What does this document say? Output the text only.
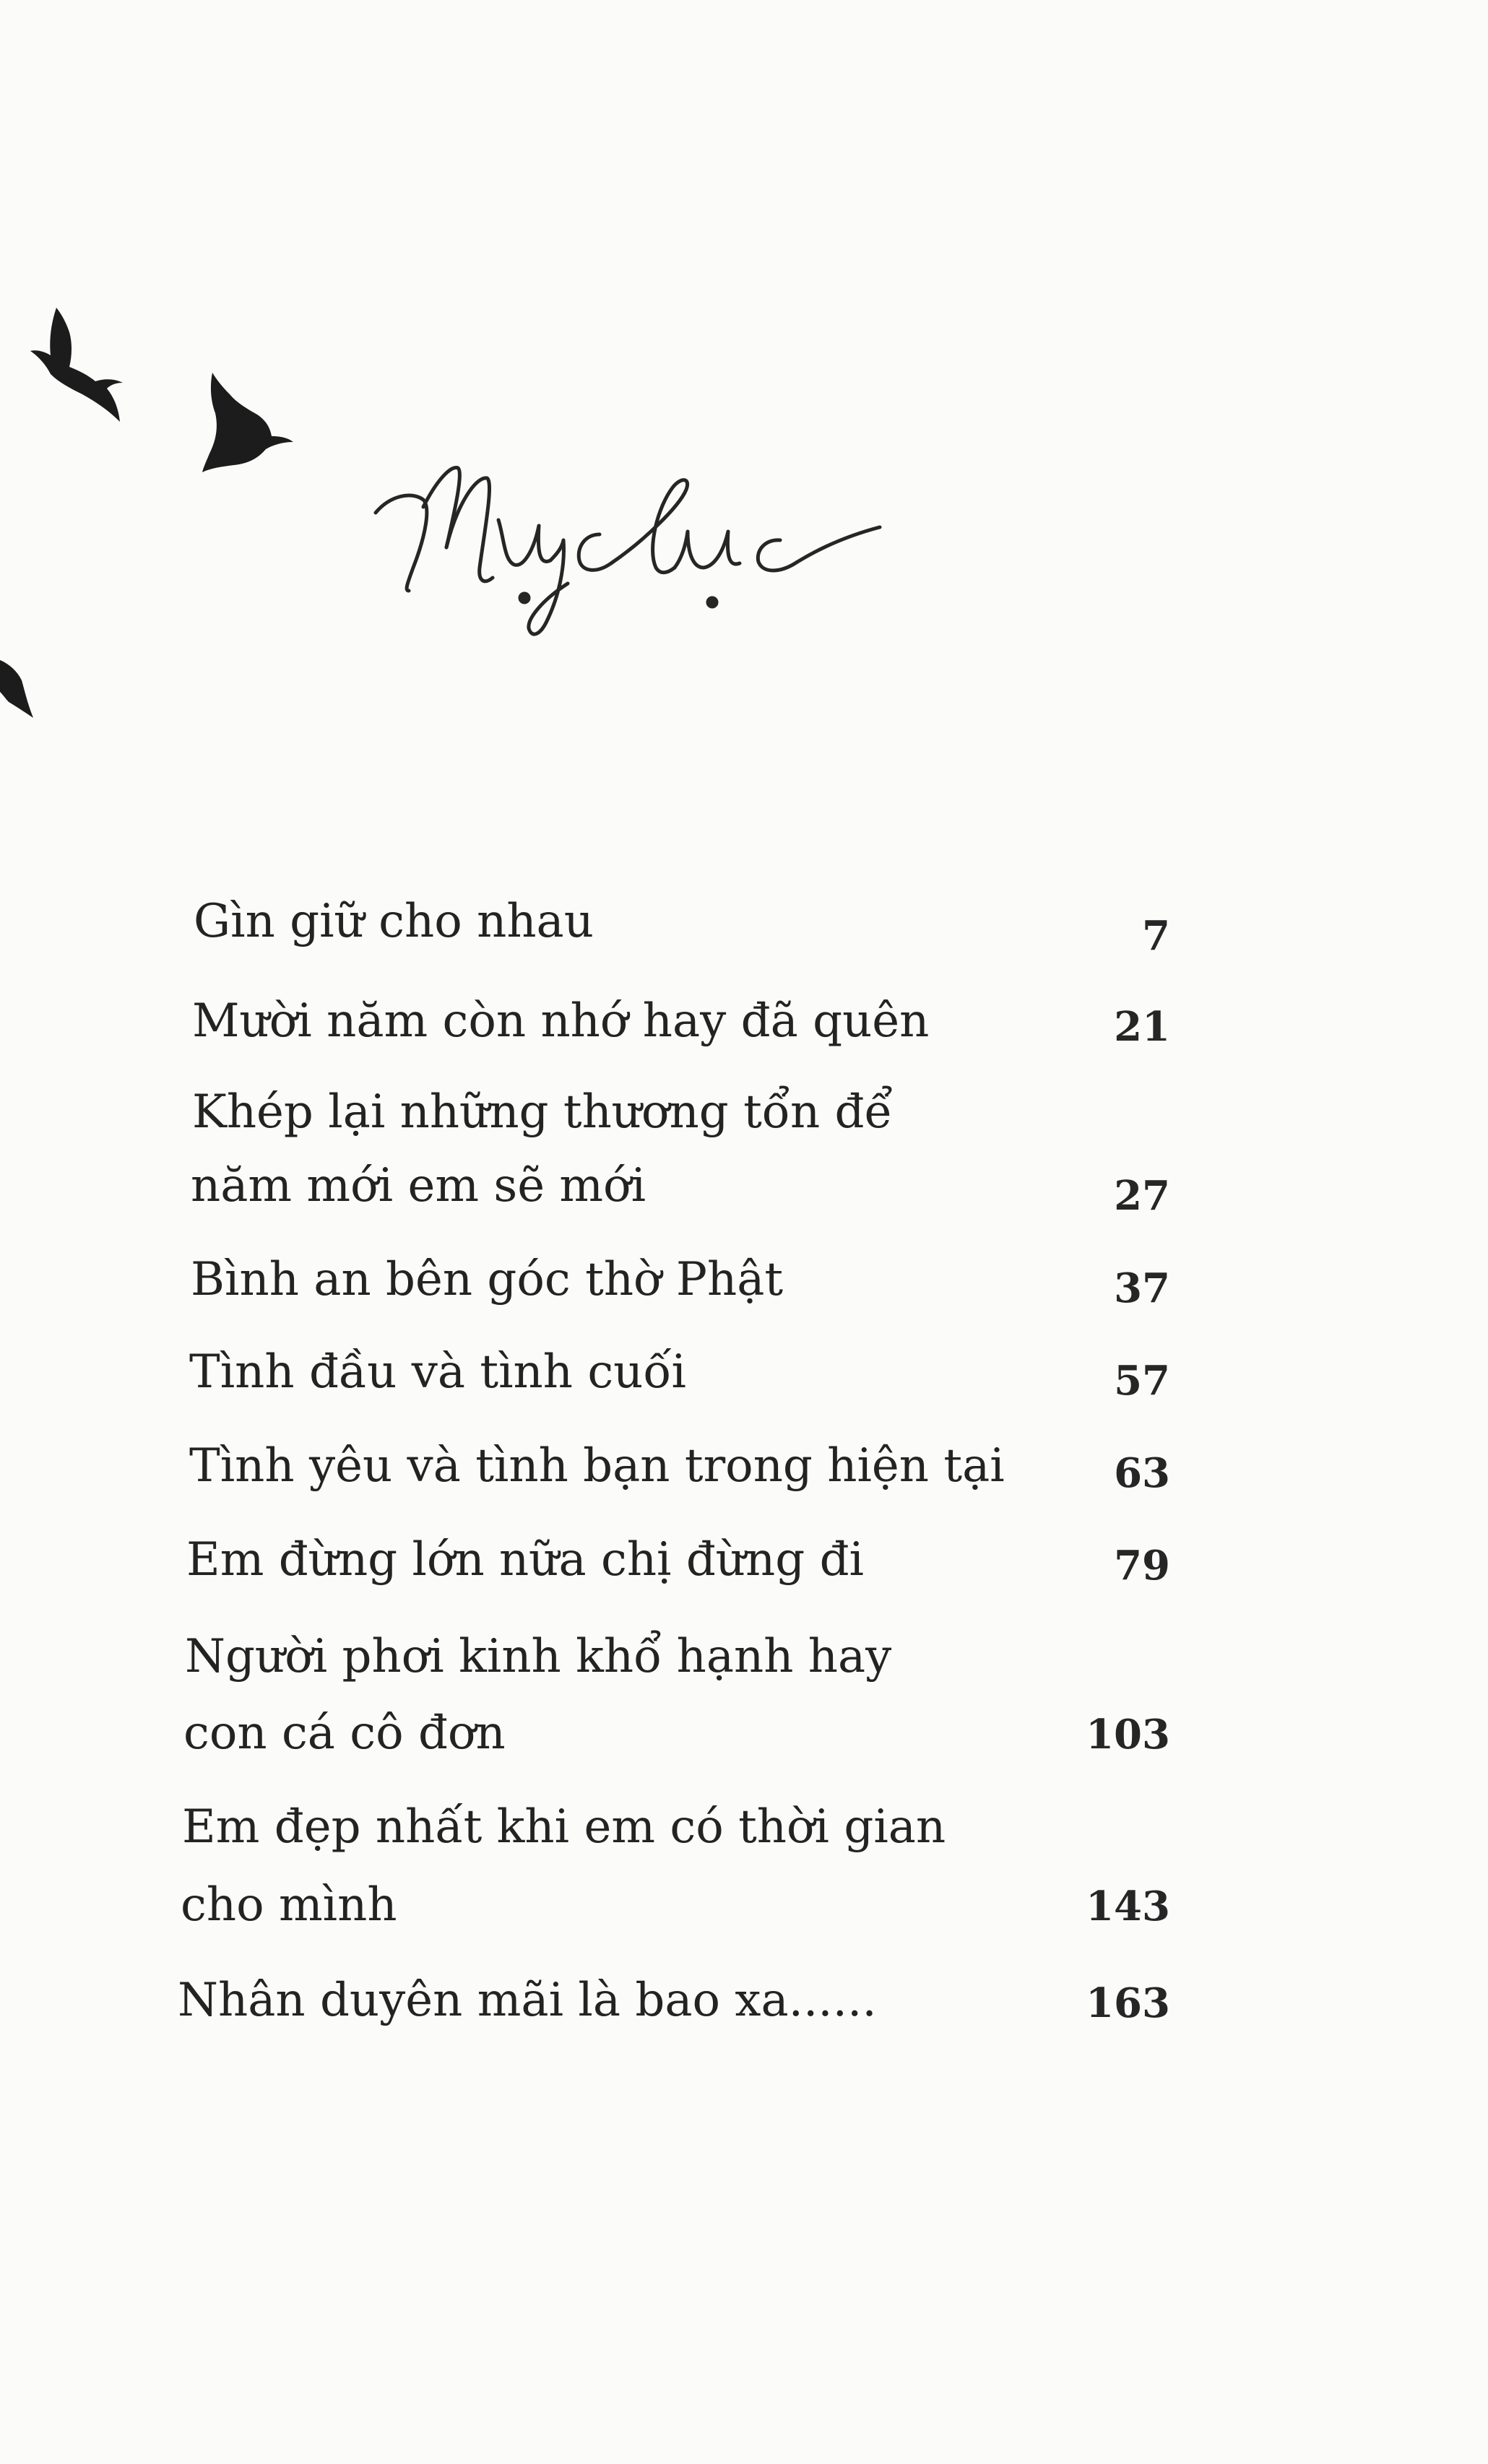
Gìn giữ cho nhau	7
Mười năm còn nhớ hay đã quên	21
Khép lại những thương tổn để
năm mới em sẽ mới	27
Bình an bên góc thờ Phật	37
Tình đầu và tình cuối	57
Tình yêu và tình bạn trong hiện tại	63
Em đừng lớn nữa chị đừng đi	79
Người phơi kinh khổ hạnh hay
con cá cô đơn	103
Em đẹp nhất khi em có thời gian
cho mình	143
Nhân duyên mãi là bao xa......	163
